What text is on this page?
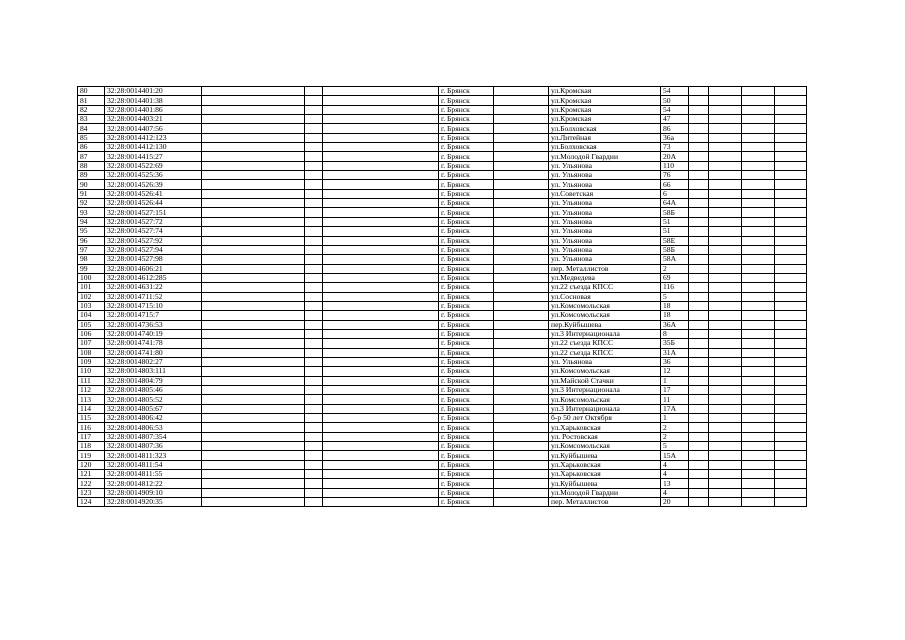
80	32:28:0014401:20				г. Брянск		ул.Кромская	54				
81	32:28:0014401:38				г. Брянск		ул.Кромская	50				
82	32:28:0014401:86				г. Брянск		ул.Кромская	54				
83	32:28:0014403:21				г. Брянск		ул.Кромская	47				
84	32:28:0014407:56				г. Брянск		ул.Болховская	86				
85	32:28:0014412:123				г. Брянск		ул.Литейная	36а				
86	32:28:0014412:130				г. Брянск		ул.Болховская	73				
87	32:28:0014415:27				г. Брянск		ул.Молодой Гвардии	20А				
88	32:28:0014522:69				г. Брянск		ул. Ульянова	110				
89	32:28:0014525:36				г. Брянск		ул. Ульянова	76				
90	32:28:0014526:39				г. Брянск		ул. Ульянова	66				
91	32:28:0014526:41				г. Брянск		ул.Советская	6				
92	32:28:0014526:44				г. Брянск		ул. Ульянова	64А				
93	32:28:0014527:151				г. Брянск		ул. Ульянова	58Б				
94	32:28:0014527:72				г. Брянск		ул. Ульянова	51				
95	32:28:0014527:74				г. Брянск		ул. Ульянова	51				
96	32:28:0014527:92				г. Брянск		ул. Ульянова	58Е				
97	32:28:0014527:94				г. Брянск		ул. Ульянова	58Б				
98	32:28:0014527:98				г. Брянск		ул. Ульянова	58А				
99	32:28:0014606:21				г. Брянск		пер. Металлистов	2				
100	32:28:0014612:285				г. Брянск		ул.Медведева	69				
101	32:28:0014631:22				г. Брянск		ул.22 съезда КПСС	116				
102	32:28:0014711:52				г. Брянск		ул.Сосновая	5				
103	32:28:0014715:10				г. Брянск		ул.Комсомольская	18				
104	32:28:0014715:7				г. Брянск		ул.Комсомольская	18				
105	32:28:0014736:53				г. Брянск		пер.Куйбышева	36А				
106	32:28:0014740:19				г. Брянск		ул.3 Интернационала	8				
107	32:28:0014741:78				г. Брянск		ул.22 съезда КПСС	35Б				
108	32:28:0014741:80				г. Брянск		ул.22 съезда КПСС	31А				
109	32:28:0014802:27				г. Брянск		ул. Ульянова	36				
110	32:28:0014803:111				г. Брянск		ул.Комсомольская	12				
111	32:28:0014804:79				г. Брянск		ул.Майской Стачки	1				
112	32:28:0014805:46				г. Брянск		ул.3 Интернационала	17				
113	32:28:0014805:52				г. Брянск		ул.Комсомольская	11				
114	32:28:0014805:67				г. Брянск		ул.3 Интернационала	17А				
115	32:28:0014806:42				г. Брянск		б-р 50 лет Октября	1				
116	32:28:0014806:53				г. Брянск		ул.Харьковская	2				
117	32:28:0014807:354				г. Брянск		ул. Ростовская	2				
118	32:28:0014807:36				г. Брянск		ул.Комсомольская	5				
119	32:28:0014811:323				г. Брянск		ул.Куйбышева	15А				
120	32:28:0014811:54				г. Брянск		ул.Харьковская	4				
121	32:28:0014811:55				г. Брянск		ул.Харьковская	4				
122	32:28:0014812:22				г. Брянск		ул.Куйбышева	13				
123	32:28:0014909:10				г. Брянск		ул.Молодой Гвардии	4				
124	32:28:0014920:35				г. Брянск		пер. Металлистов	20				
